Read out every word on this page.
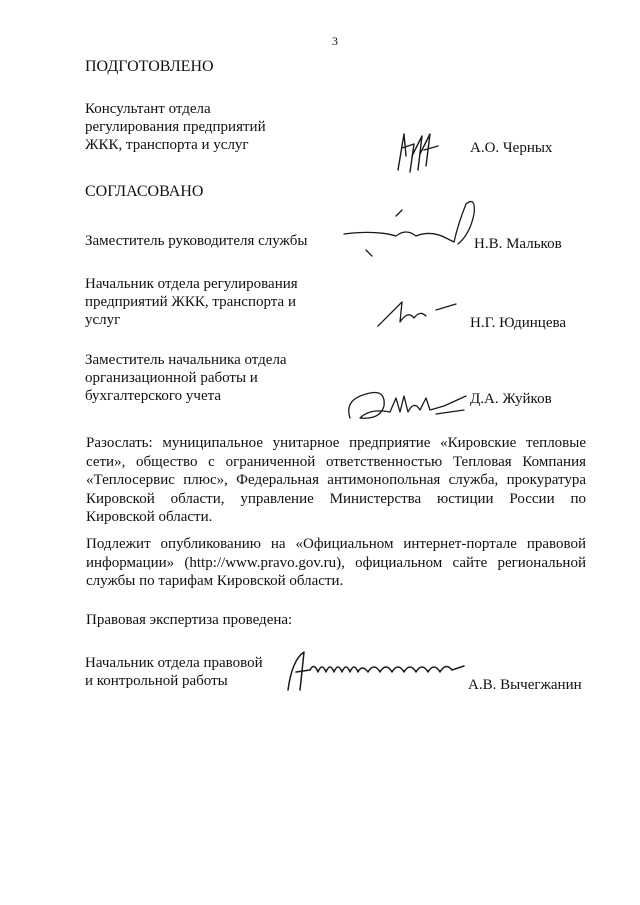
3
ПОДГОТОВЛЕНО
Консультант отдела
регулирования предприятий
ЖКК, транспорта и услуг	А.О. Черных
СОГЛАСОВАНО
Заместитель руководителя службы	Н.В. Мальков
Начальник отдела регулирования
предприятий ЖКК, транспорта и
услуг	Н.Г. Юдинцева
Заместитель начальника отдела
организационной работы и
бухгалтерского учета	Д.А. Жуйков
Разослать: муниципальное унитарное предприятие «Кировские тепловые
сети», общество с ограниченной ответственностью Тепловая Компания
«Теплосервис плюс», Федеральная антимонопольная служба, прокуратура
Кировской области, управление Министерства юстиции России по
Кировской области.
Подлежит опубликованию на «Официальном интернет-портале правовой
информации» (http://www.pravo.gov.ru), официальном сайте региональной
службы по тарифам Кировской области.
Правовая экспертиза проведена:
Начальник отдела правовой
и контрольной работы	А.В. Вычегжанин
